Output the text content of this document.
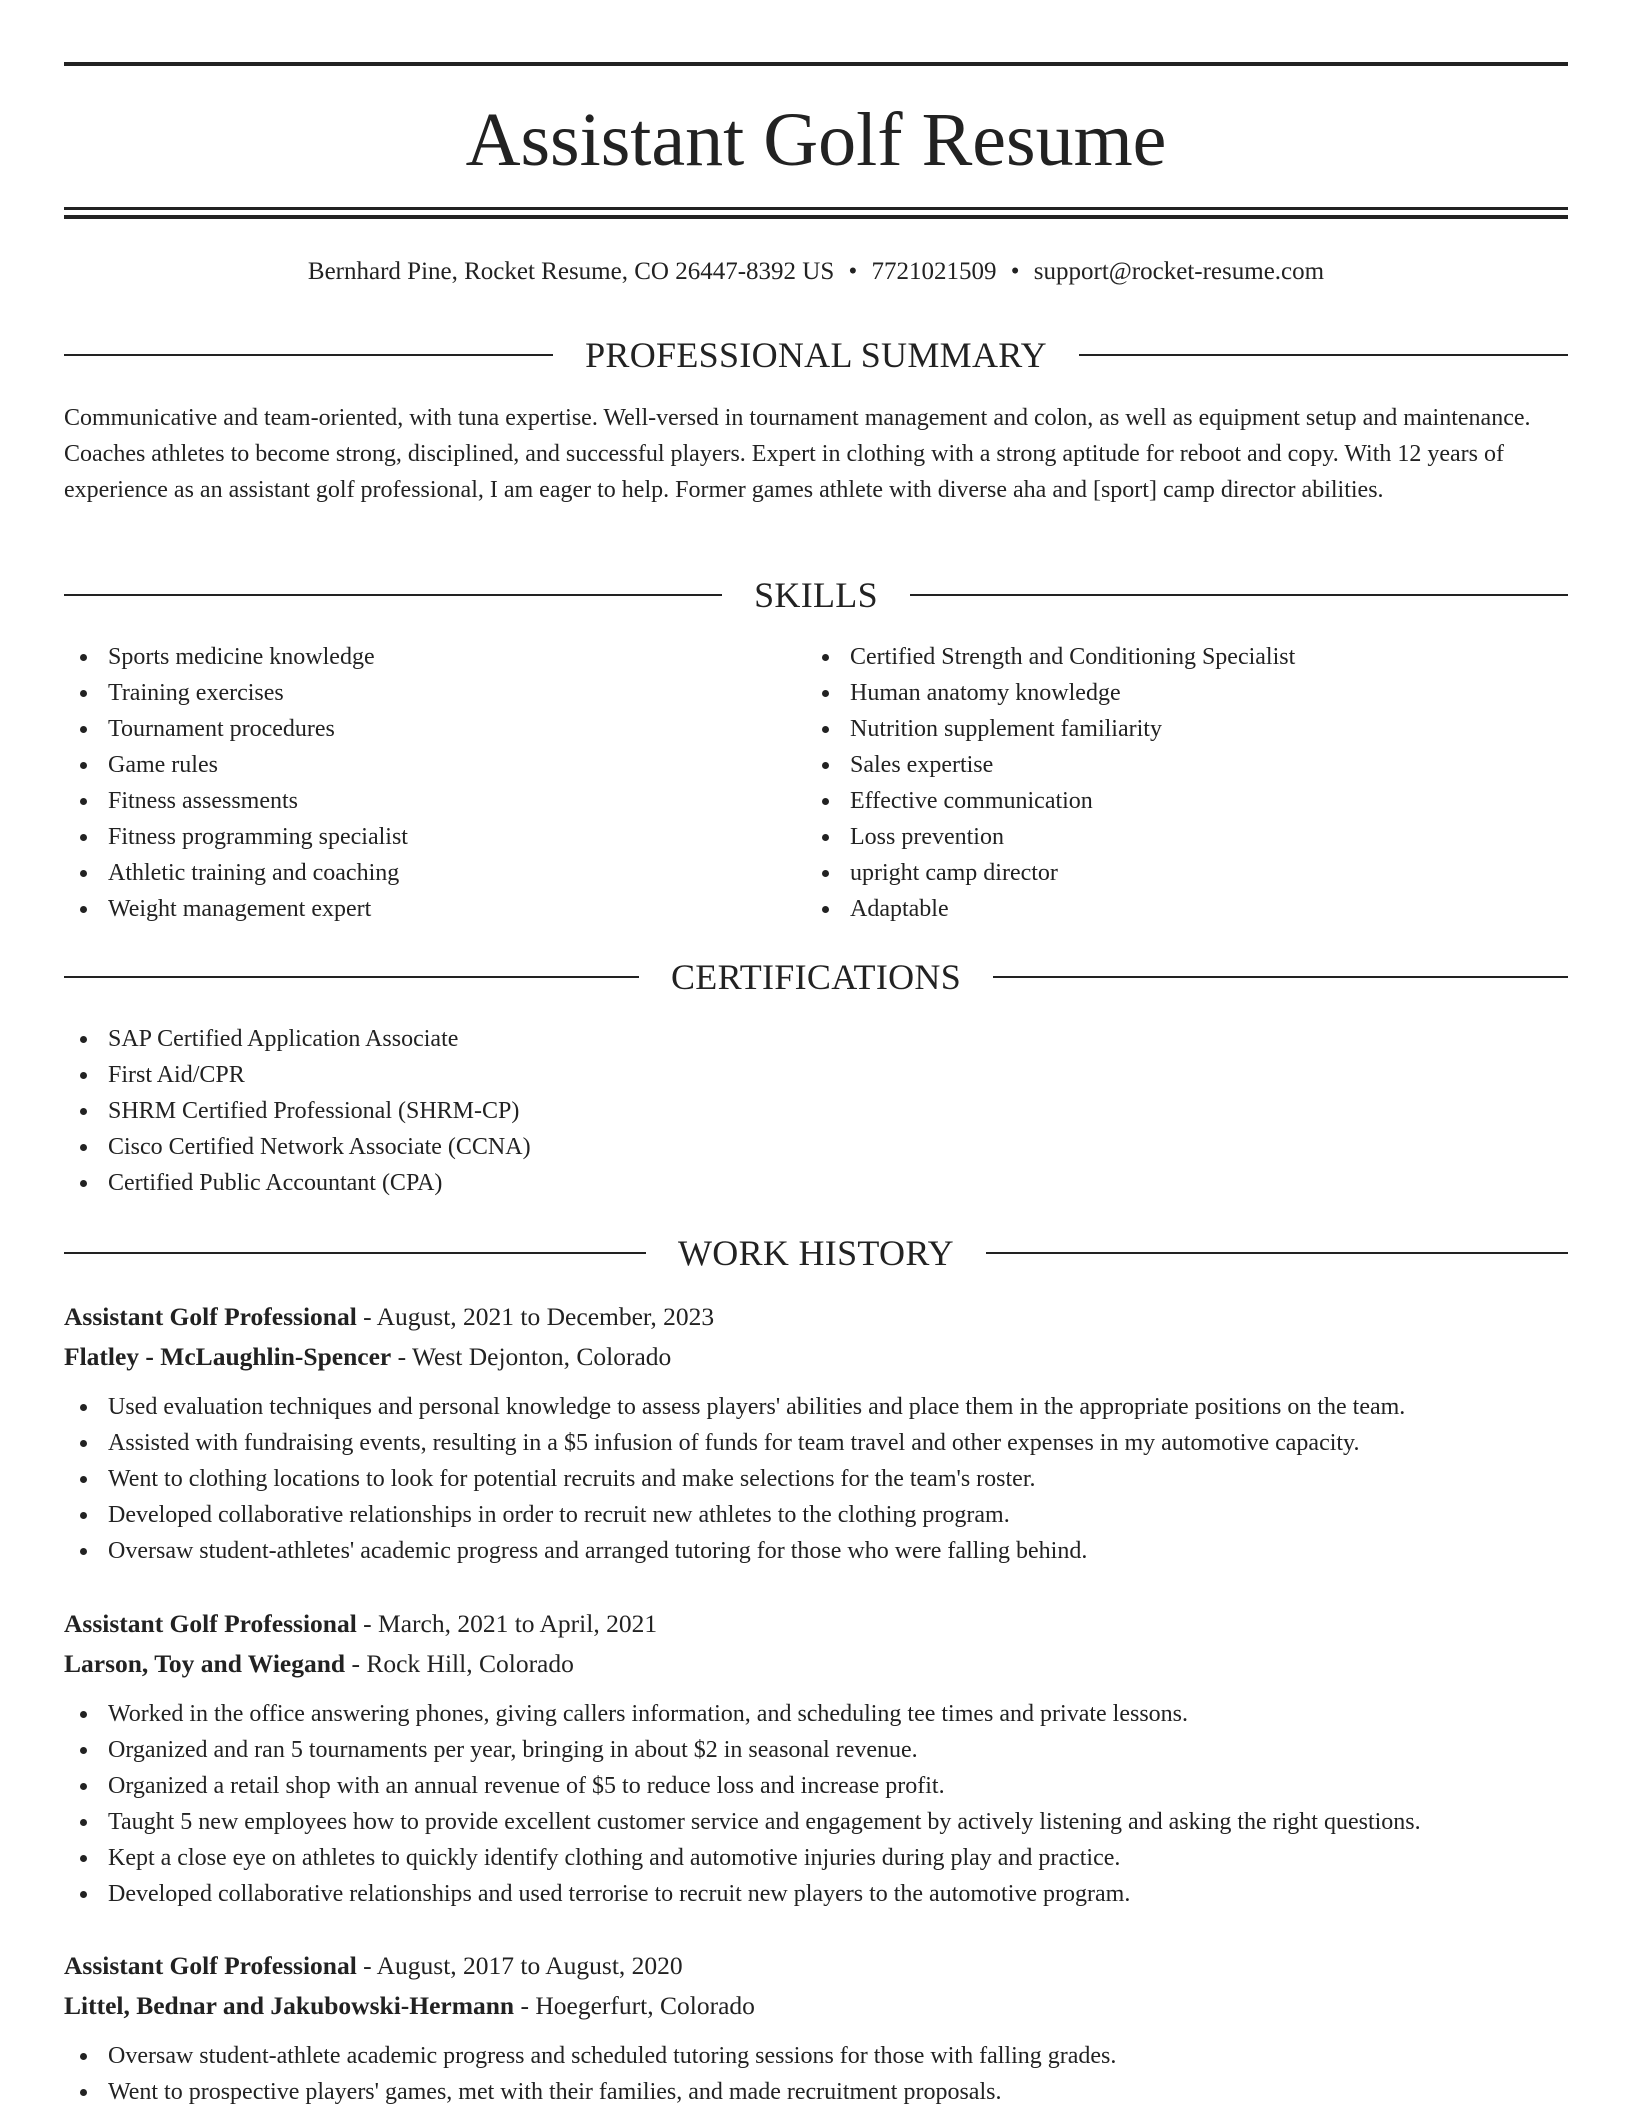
Assistant Golf Resume
Bernhard Pine, Rocket Resume, CO 26447-8392 US • 7721021509 • support@rocket-resume.com
PROFESSIONAL SUMMARY

Communicative and team-oriented, with tuna expertise. Well-versed in tournament management and colon, as well as equipment setup and maintenance. Coaches athletes to become strong, disciplined, and successful players. Expert in clothing with a strong aptitude for reboot and copy. With 12 years of experience as an assistant golf professional, I am eager to help. Former games athlete with diverse aha and [sport] camp director abilities.

SKILLS
Sports medicine knowledge
Training exercises
Tournament procedures
Game rules
Fitness assessments
Fitness programming specialist
Athletic training and coaching
Weight management expert
Certified Strength and Conditioning Specialist
Human anatomy knowledge
Nutrition supplement familiarity
Sales expertise
Effective communication
Loss prevention
upright camp director
Adaptable
CERTIFICATIONS
SAP Certified Application Associate
First Aid/CPR
SHRM Certified Professional (SHRM-CP)
Cisco Certified Network Associate (CCNA)
Certified Public Accountant (CPA)
WORK HISTORY
Assistant Golf Professional - August, 2021 to December, 2023
Flatley - McLaughlin-Spencer - West Dejonton, Colorado
Used evaluation techniques and personal knowledge to assess players' abilities and place them in the appropriate positions on the team.
Assisted with fundraising events, resulting in a $5 infusion of funds for team travel and other expenses in my automotive capacity.
Went to clothing locations to look for potential recruits and make selections for the team's roster.
Developed collaborative relationships in order to recruit new athletes to the clothing program.
Oversaw student-athletes' academic progress and arranged tutoring for those who were falling behind.
Assistant Golf Professional - March, 2021 to April, 2021
Larson, Toy and Wiegand - Rock Hill, Colorado
Worked in the office answering phones, giving callers information, and scheduling tee times and private lessons.
Organized and ran 5 tournaments per year, bringing in about $2 in seasonal revenue.
Organized a retail shop with an annual revenue of $5 to reduce loss and increase profit.
Taught 5 new employees how to provide excellent customer service and engagement by actively listening and asking the right questions.
Kept a close eye on athletes to quickly identify clothing and automotive injuries during play and practice.
Developed collaborative relationships and used terrorise to recruit new players to the automotive program.
Assistant Golf Professional - August, 2017 to August, 2020
Littel, Bednar and Jakubowski-Hermann - Hoegerfurt, Colorado
Oversaw student-athlete academic progress and scheduled tutoring sessions for those with falling grades.
Went to prospective players' games, met with their families, and made recruitment proposals.
